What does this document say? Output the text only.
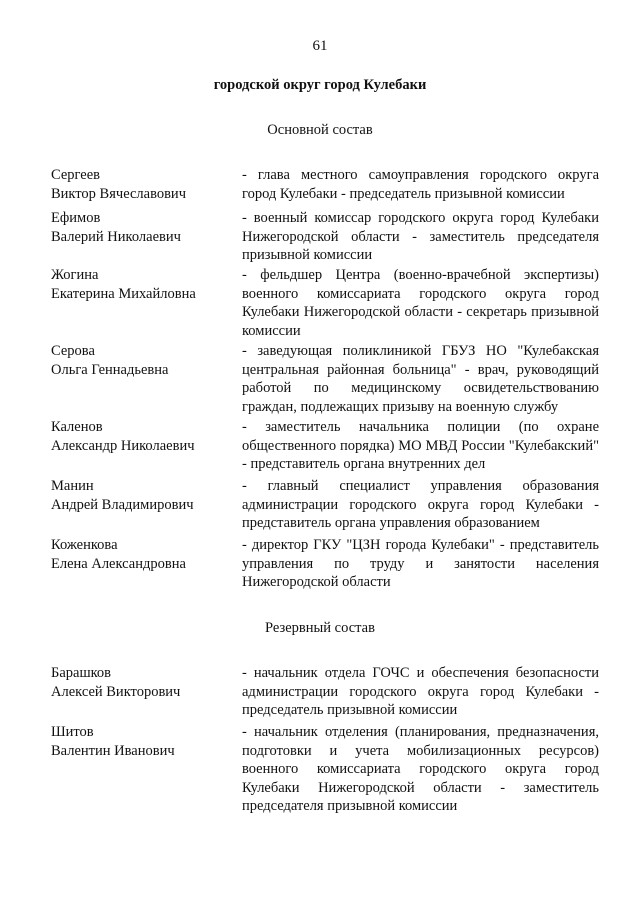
61
городской округ город Кулебаки
Основной состав
Сергеев
Виктор Вячеславович
- глава местного самоуправления городского округа город Кулебаки - председатель призывной комиссии
Ефимов
Валерий Николаевич
- военный комиссар городского округа город Кулебаки Нижегородской области - заместитель председателя призывной комиссии
Жогина
Екатерина Михайловна
- фельдшер Центра (военно-врачебной экспертизы) военного комиссариата городского округа город Кулебаки Нижегородской области - секретарь призывной комиссии
Серова
Ольга Геннадьевна
- заведующая поликлиникой ГБУЗ НО "Кулебакская центральная районная больница" - врач, руководящий работой по медицинскому освидетельствованию граждан, подлежащих призыву на военную службу
Каленов
Александр Николаевич
- заместитель начальника полиции (по охране общественного порядка) МО МВД России "Кулебакский" - представитель органа внутренних дел
Манин
Андрей Владимирович
- главный специалист управления образования администрации городского округа город Кулебаки - представитель органа управления образованием
Коженкова
Елена Александровна
- директор ГКУ "ЦЗН города Кулебаки" - представитель управления по труду и занятости населения Нижегородской области
Резервный состав
Барашков
Алексей Викторович
- начальник отдела ГОЧС и обеспечения безопасности администрации городского округа город Кулебаки - председатель призывной комиссии
Шитов
Валентин Иванович
- начальник отделения (планирования, предназначения, подготовки и учета мобилизационных ресурсов) военного комиссариата городского округа город Кулебаки Нижегородской области - заместитель председателя призывной комиссии
